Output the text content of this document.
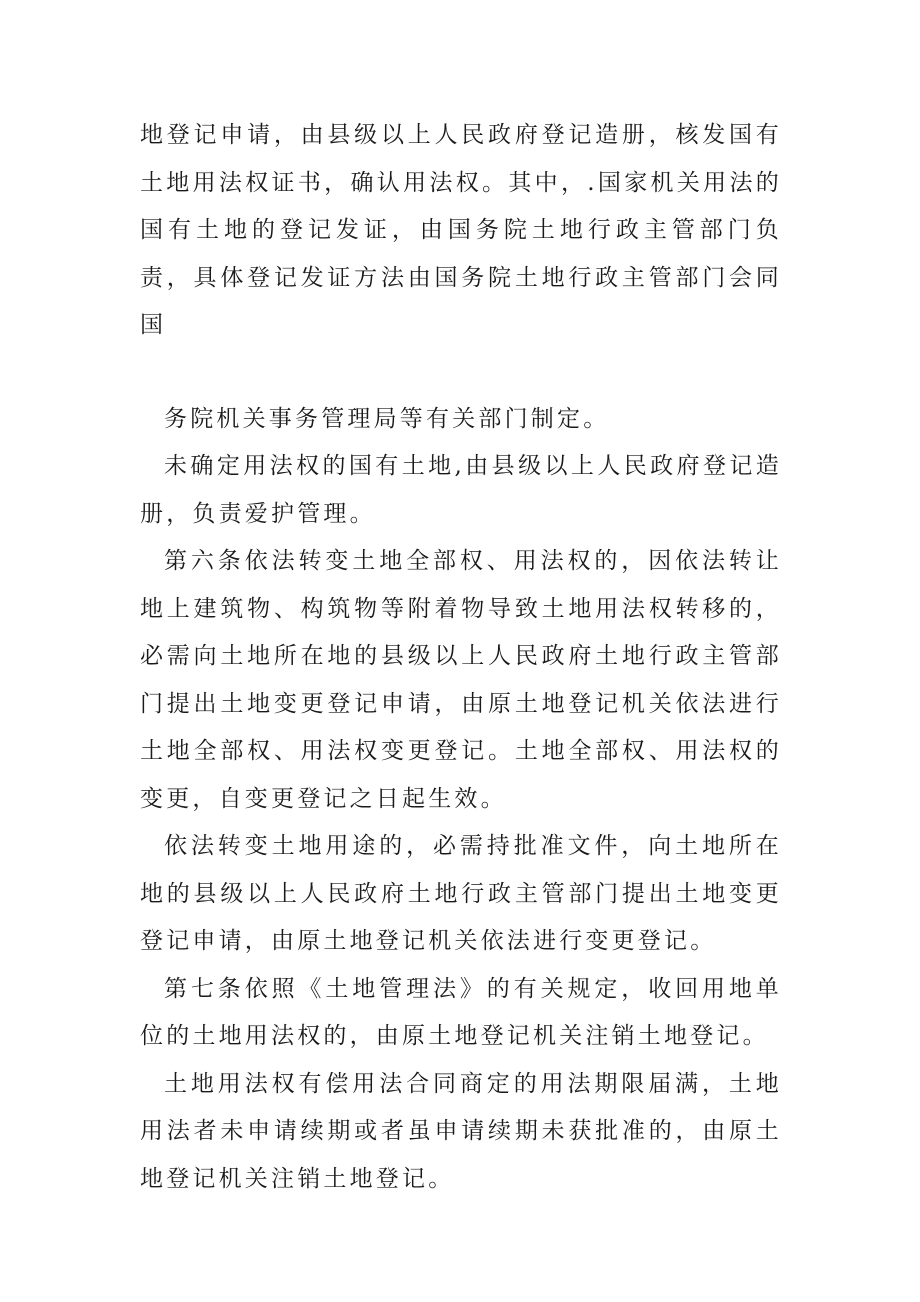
地登记申请，由县级以上人民政府登记造册，核发国有土地用法权证书，确认用法权。其中，.国家机关用法的国有土地的登记发证，由国务院土地行政主管部门负责，具体登记发证方法由国务院土地行政主管部门会同国

务院机关事务管理局等有关部门制定。

未确定用法权的国有土地,由县级以上人民政府登记造册，负责爱护管理。

第六条依法转变土地全部权、用法权的，因依法转让地上建筑物、构筑物等附着物导致土地用法权转移的，必需向土地所在地的县级以上人民政府土地行政主管部门提出土地变更登记申请，由原土地登记机关依法进行土地全部权、用法权变更登记。土地全部权、用法权的变更，自变更登记之日起生效。

依法转变土地用途的，必需持批准文件，向土地所在地的县级以上人民政府土地行政主管部门提出土地变更登记申请，由原土地登记机关依法进行变更登记。

第七条依照《土地管理法》的有关规定，收回用地单位的土地用法权的，由原土地登记机关注销土地登记。

土地用法权有偿用法合同商定的用法期限届满，土地用法者未申请续期或者虽申请续期未获批准的，由原土地登记机关注销土地登记。
